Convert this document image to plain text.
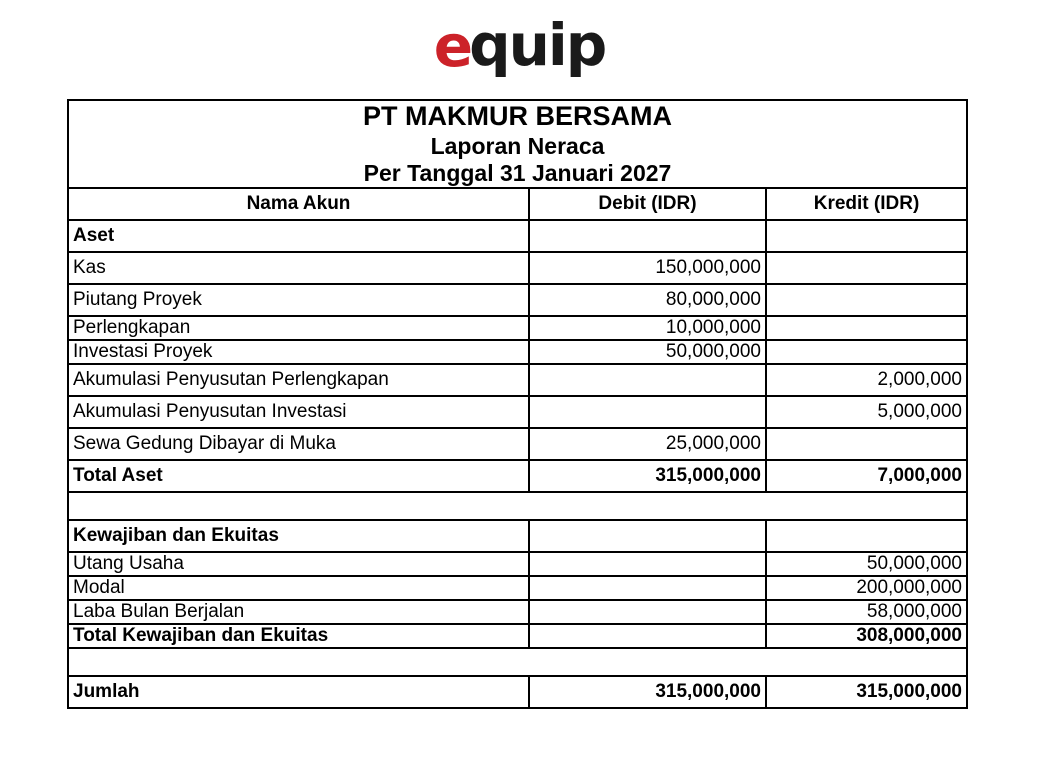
e
quip
PT MAKMUR BERSAMA
Laporan Neraca
Per Tanggal 31 Januari 2027		

Nama Akun	Debit (IDR)	Kredit (IDR)
Aset		
Kas	150,000,000	
Piutang Proyek	80,000,000	
Perlengkapan	10,000,000	
Investasi Proyek	50,000,000	
Akumulasi Penyusutan Perlengkapan		2,000,000
Akumulasi Penyusutan Investasi		5,000,000
Sewa Gedung Dibayar di Muka	25,000,000	
Total Aset	315,000,000	7,000,000

Kewajiban dan Ekuitas		
Utang Usaha		50,000,000
Modal		200,000,000
Laba Bulan Berjalan		58,000,000
Total Kewajiban dan Ekuitas		308,000,000

Jumlah	315,000,000	315,000,000
